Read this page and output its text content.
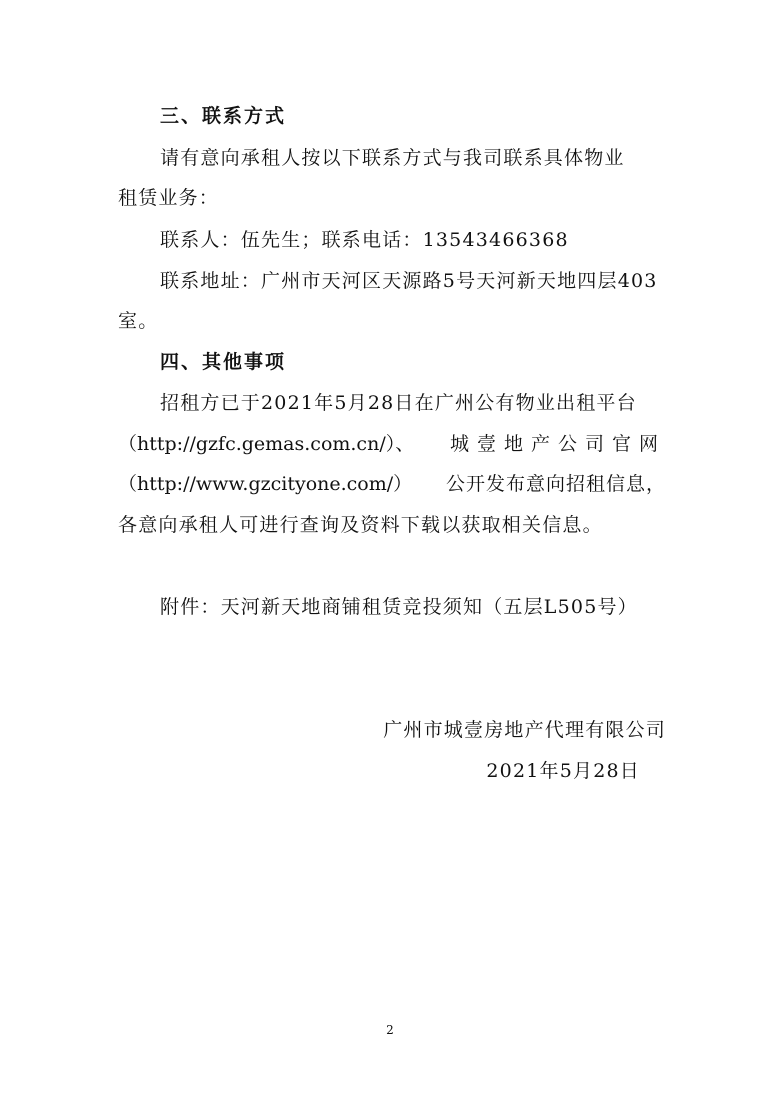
三、联系方式
请有意向承租人按以下联系方式与我司联系具体物业
租赁业务：
联系人：伍先生；联系电话：13543466368
联系地址：广州市天河区天源路5号天河新天地四层403
室。
四、其他事项
招租方已于2021年5月28日在广州公有物业出租平台
（http://gzfc.gemas.com.cn/）、 城壹地产公司官网
（http://www.gzcityone.com/） 公开发布意向招租信息，
各意向承租人可进行查询及资料下载以获取相关信息。
附件：天河新天地商铺租赁竞投须知（五层L505号）
广州市城壹房地产代理有限公司
2021年5月28日
2
